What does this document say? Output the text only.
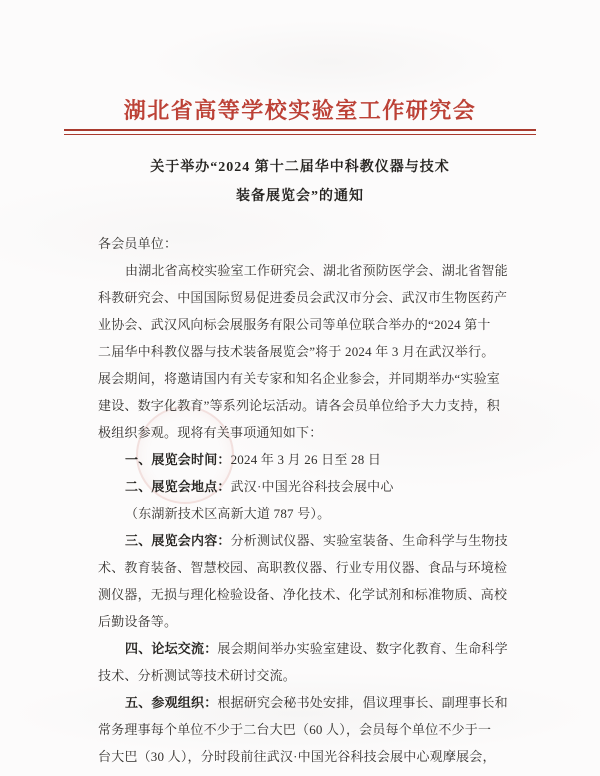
湖北省高等学校实验室工作研究会
关于举办“2024 第十二届华中科教仪器与技术
装备展览会”的通知
各会员单位：
由湖北省高校实验室工作研究会、湖北省预防医学会、湖北省智能
科教研究会、中国国际贸易促进委员会武汉市分会、武汉市生物医药产
业协会、武汉风向标会展服务有限公司等单位联合举办的“2024 第十
二届华中科教仪器与技术装备展览会”将于 2024 年 3 月在武汉举行。
展会期间，将邀请国内有关专家和知名企业参会，并同期举办“实验室
建设、数字化教育”等系列论坛活动。请各会员单位给予大力支持，积
极组织参观。现将有关事项通知如下：
一、展览会时间：2024 年 3 月 26 日至 28 日
二、展览会地点：武汉·中国光谷科技会展中心
（东湖新技术区高新大道 787 号）。
三、展览会内容：分析测试仪器、实验室装备、生命科学与生物技
术、教育装备、智慧校园、高职教仪器、行业专用仪器、食品与环境检
测仪器，无损与理化检验设备、净化技术、化学试剂和标准物质、高校
后勤设备等。
四、论坛交流：展会期间举办实验室建设、数字化教育、生命科学
技术、分析测试等技术研讨交流。
五、参观组织：根据研究会秘书处安排，倡议理事长、副理事长和
常务理事每个单位不少于二台大巴（60 人），会员每个单位不少于一
台大巴（30 人），分时段前往武汉·中国光谷科技会展中心观摩展会，
